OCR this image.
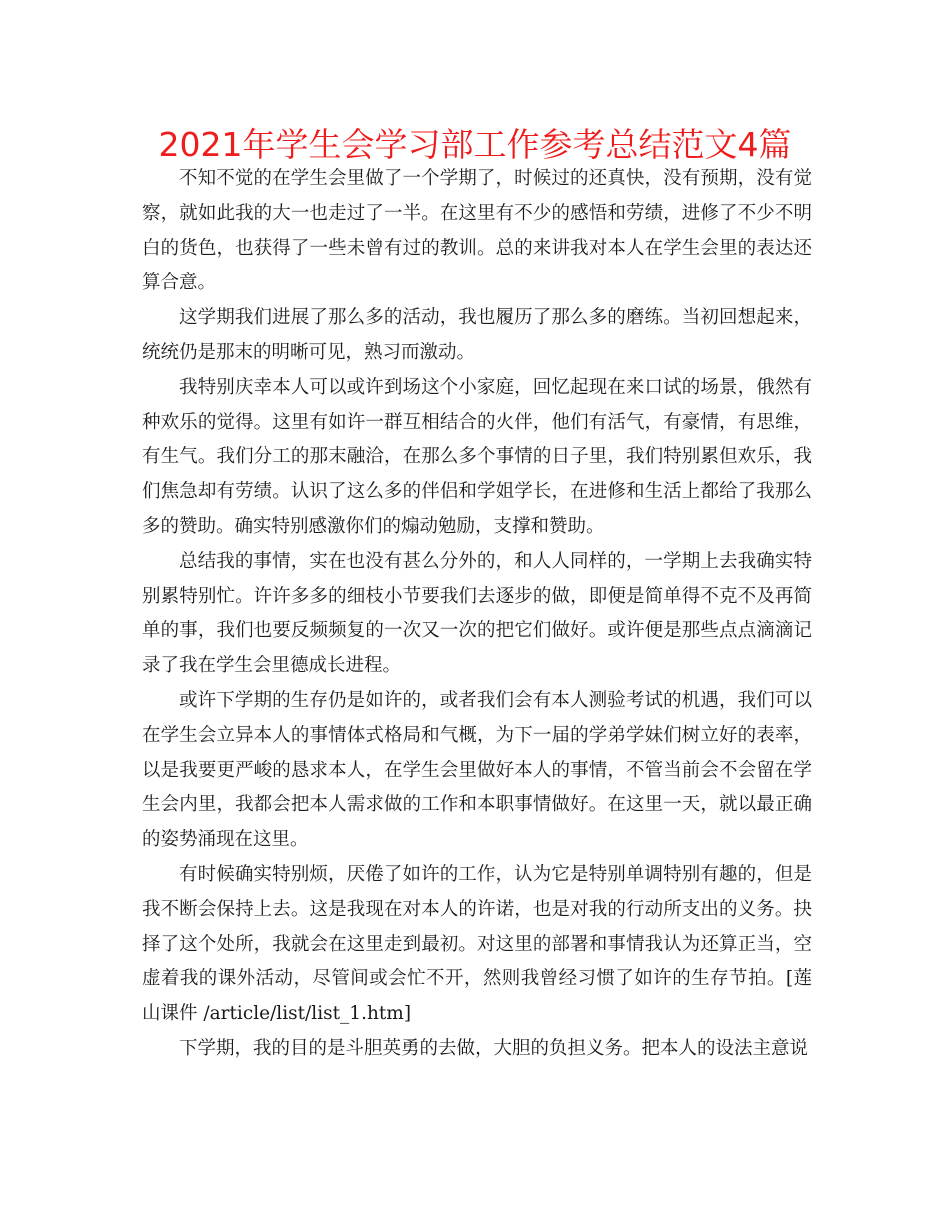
2021年学生会学习部工作参考总结范文4篇

不知不觉的在学生会里做了一个学期了，时候过的还真快，没有预期，没有觉察，就如此我的大一也走过了一半。在这里有不少的感悟和劳绩，进修了不少不明白的货色，也获得了一些未曾有过的教训。总的来讲我对本人在学生会里的表达还算合意。

这学期我们进展了那么多的活动，我也履历了那么多的磨练。当初回想起来，统统仍是那末的明晰可见，熟习而激动。

我特别庆幸本人可以或许到场这个小家庭，回忆起现在来口试的场景，俄然有种欢乐的觉得。这里有如许一群互相结合的火伴，他们有活气，有豪情，有思维，有生气。我们分工的那末融洽，在那么多个事情的日子里，我们特别累但欢乐，我们焦急却有劳绩。认识了这么多的伴侣和学姐学长，在进修和生活上都给了我那么多的赞助。确实特别感激你们的煽动勉励，支撑和赞助。

总结我的事情，实在也没有甚么分外的，和人人同样的，一学期上去我确实特别累特别忙。许许多多的细枝小节要我们去逐步的做，即便是简单得不克不及再简单的事，我们也要反频频复的一次又一次的把它们做好。或许便是那些点点滴滴记录了我在学生会里德成长进程。

或许下学期的生存仍是如许的，或者我们会有本人测验考试的机遇，我们可以在学生会立异本人的事情体式格局和气概，为下一届的学弟学妹们树立好的表率，以是我要更严峻的恳求本人，在学生会里做好本人的事情，不管当前会不会留在学生会内里，我都会把本人需求做的工作和本职事情做好。在这里一天，就以最正确的姿势涌现在这里。

有时候确实特别烦，厌倦了如许的工作，认为它是特别单调特别有趣的，但是我不断会保持上去。这是我现在对本人的许诺，也是对我的行动所支出的义务。抉择了这个处所，我就会在这里走到最初。对这里的部署和事情我认为还算正当，空虚着我的课外活动，尽管间或会忙不开，然则我曾经习惯了如许的生存节拍。[莲山课件 /article/list/list_1.htm]

下学期，我的目的是斗胆英勇的去做，大胆的负担义务。把本人的设法主意说
